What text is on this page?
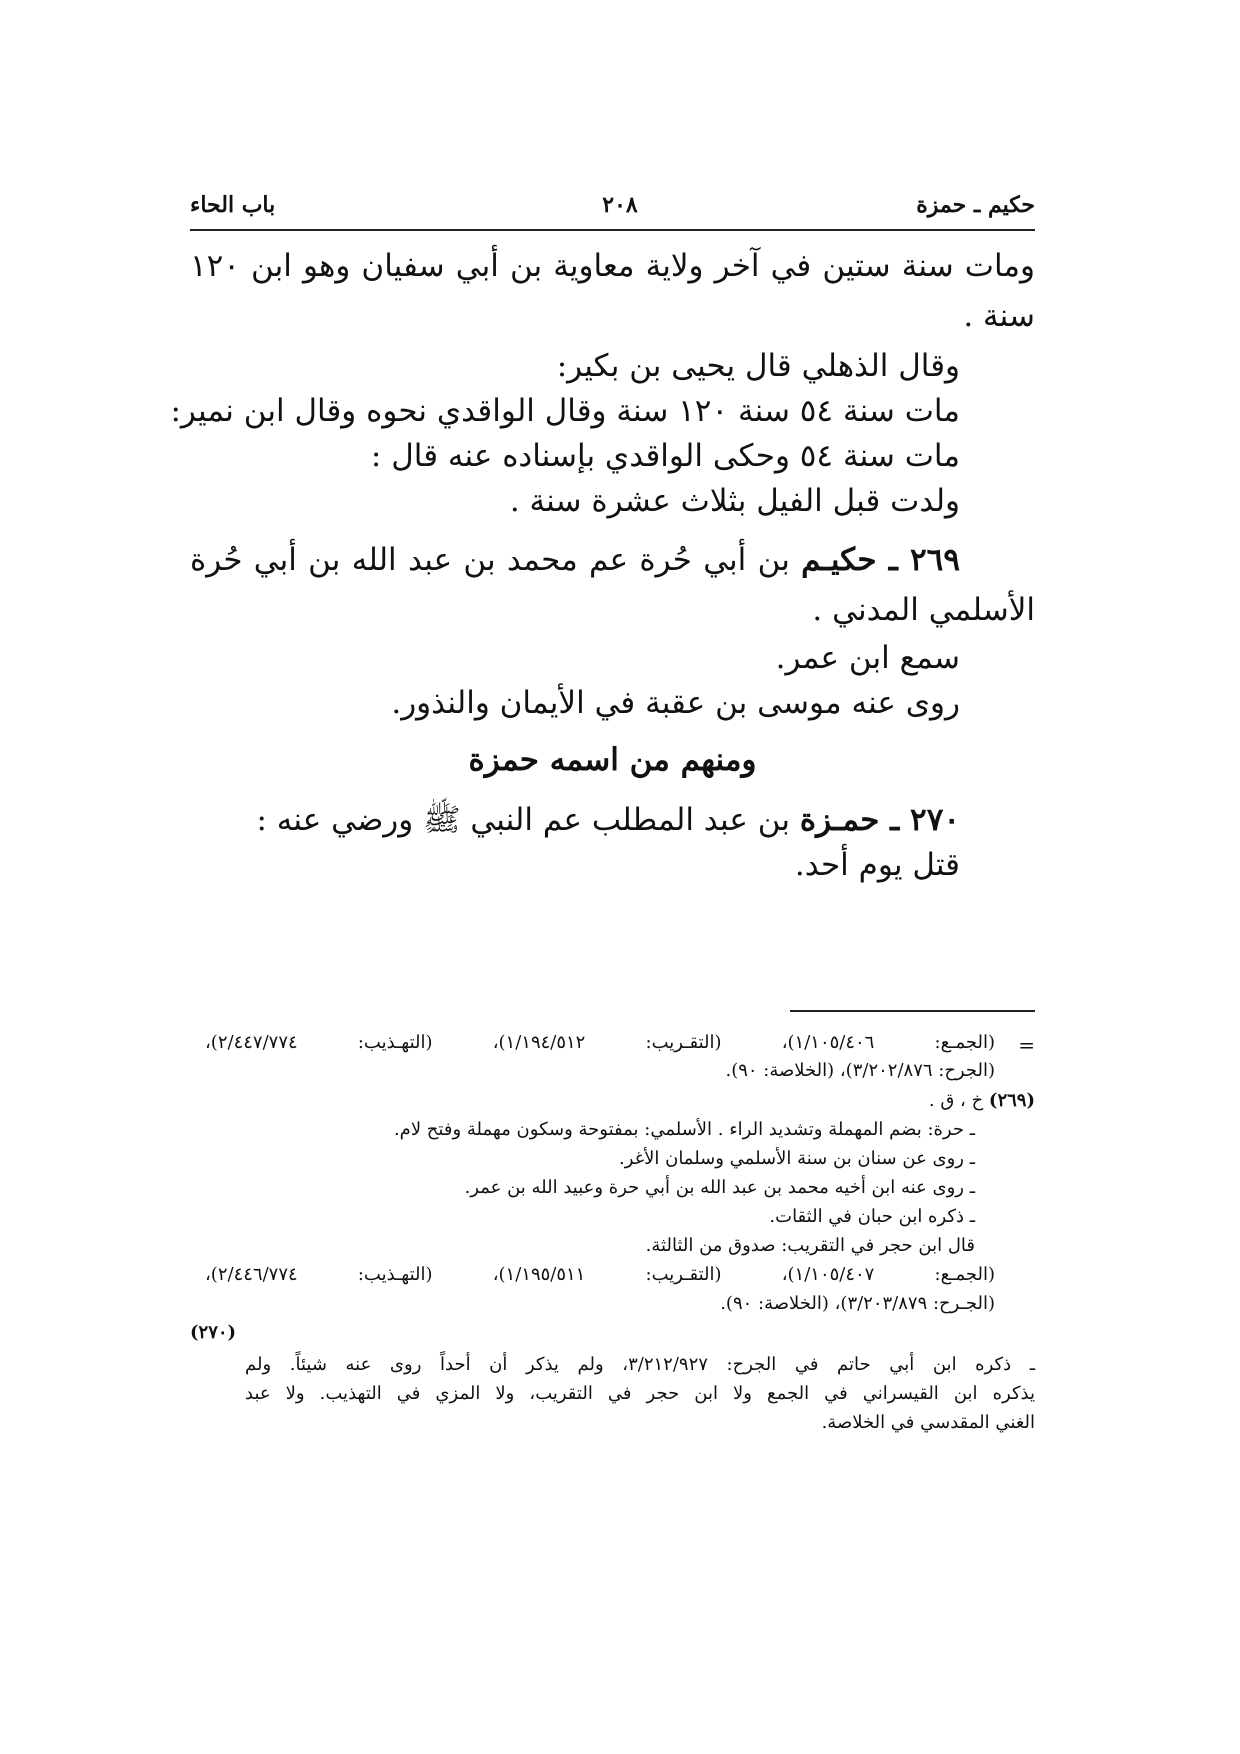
حكيم ـ حمزة
٢٠٨
باب الحاء
ومات سنة ستين في آخر ولاية معاوية بن أبي سفيان وهو ابن ١٢٠
سنة .
وقال الذهلي قال يحيى بن بكير:
مات سنة ٥٤ سنة ١٢٠ سنة وقال الواقدي نحوه وقال ابن نمير:
مات سنة ٥٤ وحكى الواقدي بإسناده عنه قال :
ولدت قبل الفيل بثلاث عشرة سنة .
٢٦٩ ـ حكيـم بن أبي حُرة عم محمد بن عبد الله بن أبي حُرة
الأسلمي المدني .
سمع ابن عمر.
روى عنه موسى بن عقبة في الأيمان والنذور.
ومنهم من اسمه حمزة
٢٧٠ ـ حمـزة بن عبد المطلب عم النبي ﷺ ورضي عنه :
قتل يوم أحد.
=
(الجمـع: ١/١٠٥/٤٠٦)، (التقـريب: ١/١٩٤/٥١٢)، (التهـذيب: ٢/٤٤٧/٧٧٤)،
(الجرح: ٣/٢٠٢/٨٧٦)، (الخلاصة: ٩٠).
(٢٦٩) خ ، ق .
ـ حرة: بضم المهملة وتشديد الراء . الأسلمي: بمفتوحة وسكون مهملة وفتح لام.
ـ روى عن سنان بن سنة الأسلمي وسلمان الأغر.
ـ روى عنه ابن أخيه محمد بن عبد الله بن أبي حرة وعبيد الله بن عمر.
ـ ذكره ابن حبان في الثقات.
قال ابن حجر في التقريب: صدوق من الثالثة.
(الجمـع: ١/١٠٥/٤٠٧)، (التقـريب: ١/١٩٥/٥١١)، (التهـذيب: ٢/٤٤٦/٧٧٤)،
(الجـرح: ٣/٢٠٣/٨٧٩)، (الخلاصة: ٩٠).
(٢٧٠)
ـ ذكره ابن أبي حاتم في الجرح: ٣/٢١٢/٩٢٧، ولم يذكر أن أحداً روى عنه شيئاً. ولم
يذكره ابن القيسراني في الجمع ولا ابن حجر في التقريب، ولا المزي في التهذيب. ولا عبد
الغني المقدسي في الخلاصة.
